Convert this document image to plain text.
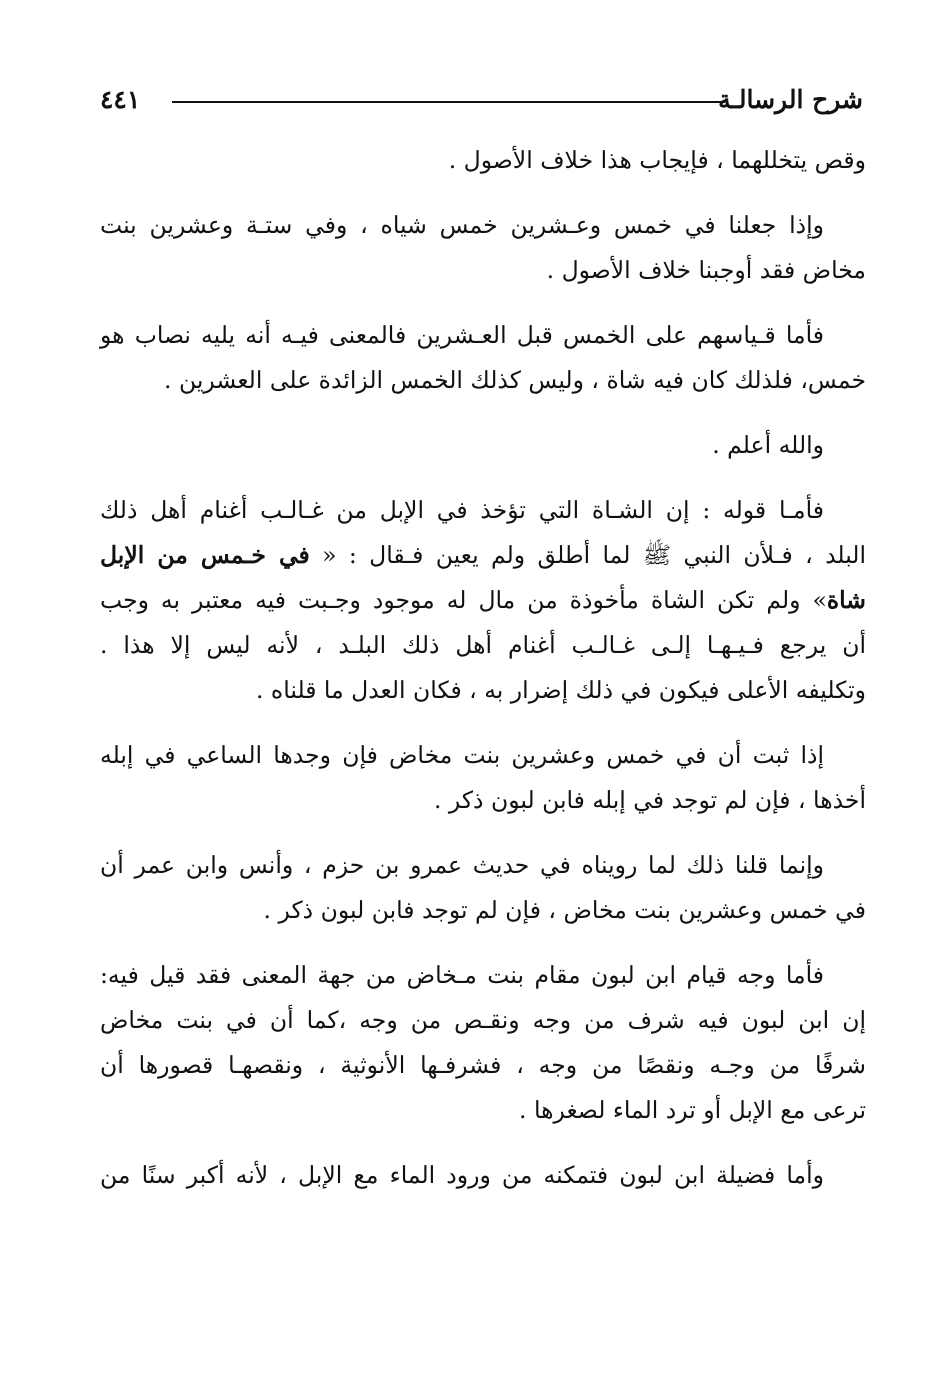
شرح الرسالـة
٤٤١
وقص يتخللهما ، فإيجاب هذا خلاف الأصول .
وإذا جعلنا في خمس وعـشرين خمس شياه ، وفي ستـة وعشرين بنت
مخاض فقد أوجبنا خلاف الأصول .
فأما قـياسهم على الخمس قبل العـشرين فالمعنى فيـه أنه يليه نصاب هو
خمس، فلذلك كان فيه شاة ، وليس كذلك الخمس الزائدة على العشرين .
والله أعلم .
فأمـا قوله : إن الشـاة التي تؤخذ في الإبل من غـالـب أغنام أهل ذلك
البلد ، فـلأن النبي ﷺ لما أطلق ولم يعين فـقال : « في خـمس من الإبل
شاة» ولم تكن الشاة مأخوذة من مال له موجود وجـبت فيه معتبر به وجب
أن يرجع فـيـهـا إلـى غـالـب أغنام أهل ذلك البلـد ، لأنه ليس إلا هذا .
وتكليفه الأعلى فيكون في ذلك إضرار به ، فكان العدل ما قلناه .
إذا ثبت أن في خمس وعشرين بنت مخاض فإن وجدها الساعي في إبله
أخذها ، فإن لم توجد في إبله فابن لبون ذكر .
وإنما قلنا ذلك لما رويناه في حديث عمرو بن حزم ، وأنس وابن عمر أن
في خمس وعشرين بنت مخاض ، فإن لم توجد فابن لبون ذكر .
فأما وجه قيام ابن لبون مقام بنت مـخاض من جهة المعنى فقد قيل فيه:
إن ابن لبون فيه شرف من وجه ونقـص من وجه ،كما أن في بنت مخاض
شرفًا من وجـه ونقصًا من وجه ، فشرفـها الأنوثية ، ونقصهـا قصورها أن
ترعى مع الإبل أو ترد الماء لصغرها .
وأما فضيلة ابن لبون فتمكنه من ورود الماء مع الإبل ، لأنه أكبر سنًا من
